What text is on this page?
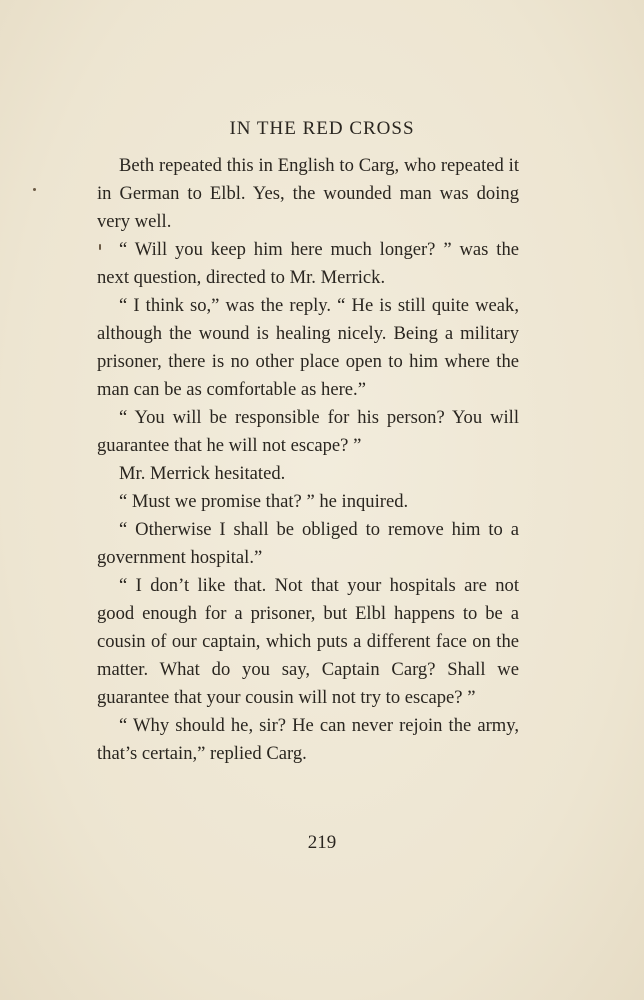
IN THE RED CROSS

Beth repeated this in English to Carg, who repeated it in German to Elbl. Yes, the wounded man was doing very well.

“ Will you keep him here much longer? ” was the next question, directed to Mr. Merrick.

“ I think so,” was the reply. “ He is still quite weak, although the wound is healing nicely. Being a military prisoner, there is no other place open to him where the man can be as comfortable as here.”

“ You will be responsible for his person? You will guarantee that he will not escape? ”

Mr. Merrick hesitated.

“ Must we promise that? ” he inquired.

“ Otherwise I shall be obliged to remove him to a government hospital.”

“ I don’t like that. Not that your hospitals are not good enough for a prisoner, but Elbl happens to be a cousin of our captain, which puts a different face on the matter. What do you say, Captain Carg? Shall we guarantee that your cousin will not try to escape? ”

“ Why should he, sir? He can never rejoin the army, that’s certain,” replied Carg.

219
